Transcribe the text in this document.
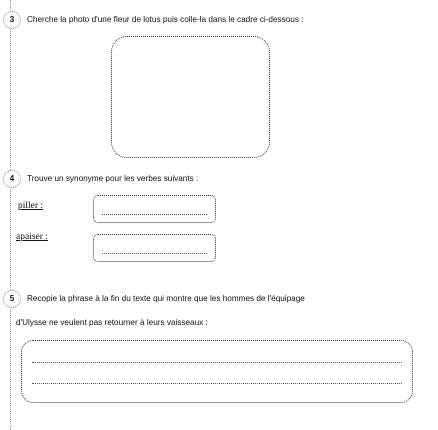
3	Cherche la photo d'une fleur de lotus puis colle-la dans le cadre ci-dessous :
4	Trouve un synonyme pour les verbes suivants :
piller :
apaiser :
5	Recopie la phrase à la fin du texte qui montre que les hommes de l'équipage
d'Ulysse ne veulent pas retourner à leurs vaisseaux :
